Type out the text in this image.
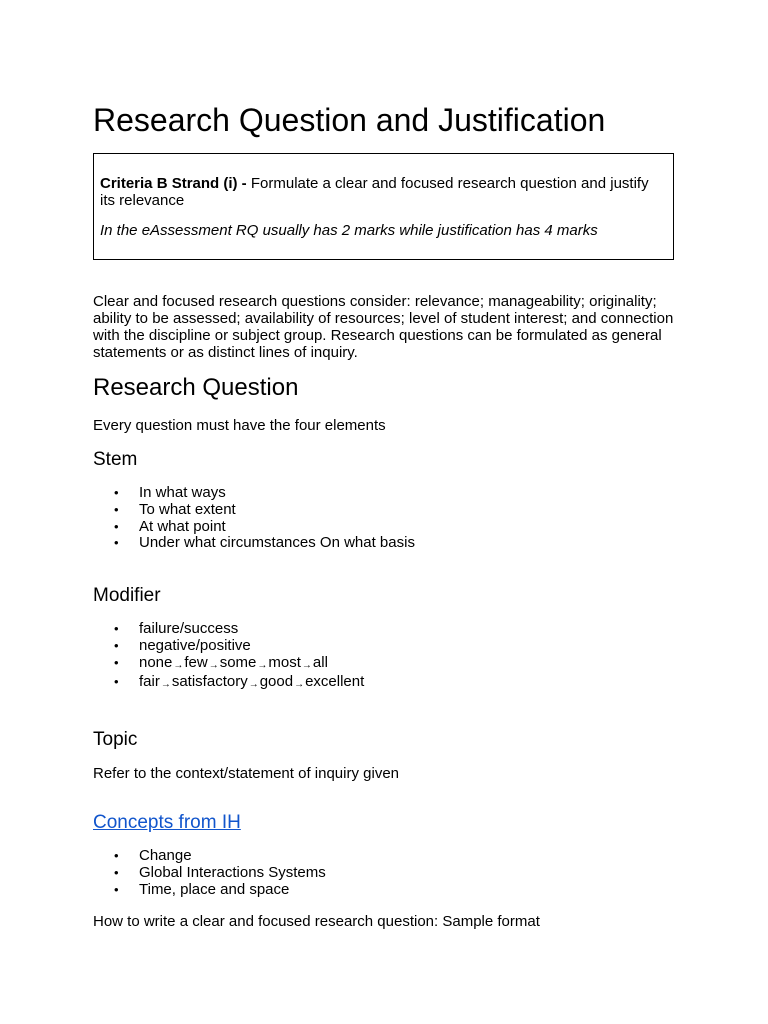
Research Question and Justification
Criteria B Strand (i) - Formulate a clear and focused research question and justify its relevance
In the eAssessment RQ usually has 2 marks while justification has 4 marks
Clear and focused research questions consider: relevance; manageability; originality; ability to be assessed; availability of resources; level of student interest; and connection with the discipline or subject group. Research questions can be formulated as general statements or as distinct lines of inquiry.
Research Question
Every question must have the four elements
Stem
• In what ways
• To what extent
• At what point
• Under what circumstances On what basis
Modifier
• failure/success
• negative/positive
• none→few→some→most→all
• fair→satisfactory→good→excellent
Topic
Refer to the context/statement of inquiry given
Concepts from IH
• Change
• Global Interactions Systems
• Time, place and space
How to write a clear and focused research question: Sample format
